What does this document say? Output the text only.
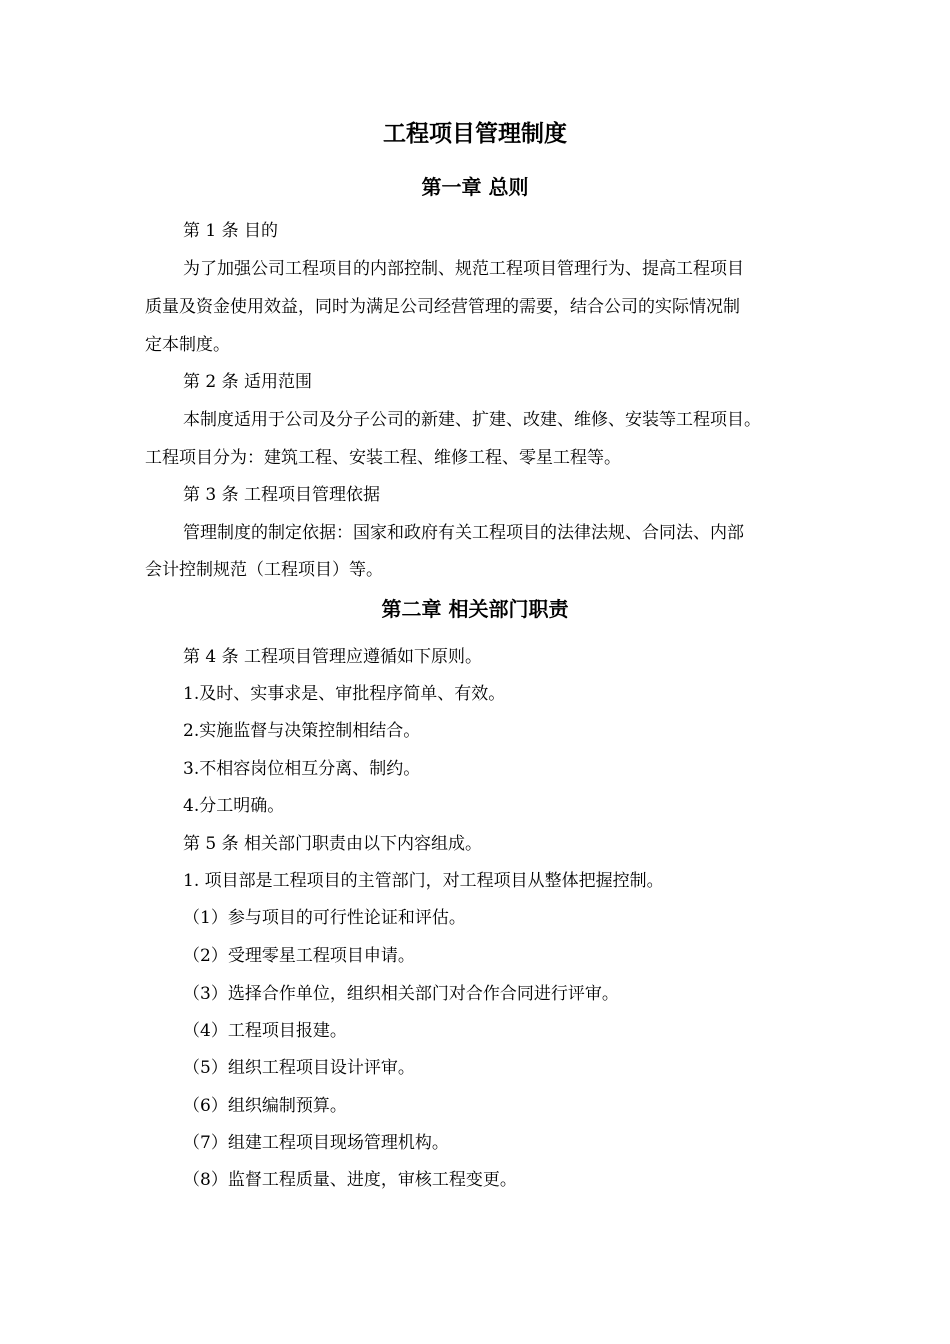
工程项目管理制度
第一章 总则

第 1 条 目的

为了加强公司工程项目的内部控制、规范工程项目管理行为、提高工程项目

质量及资金使用效益，同时为满足公司经营管理的需要，结合公司的实际情况制

定本制度。

第 2 条 适用范围

本制度适用于公司及分子公司的新建、扩建、改建、维修、安装等工程项目。

工程项目分为：建筑工程、安装工程、维修工程、零星工程等。

第 3 条 工程项目管理依据

管理制度的制定依据：国家和政府有关工程项目的法律法规、合同法、内部

会计控制规范（工程项目）等。

第二章 相关部门职责

第 4 条 工程项目管理应遵循如下原则。

1.及时、实事求是、审批程序简单、有效。

2.实施监督与决策控制相结合。

3.不相容岗位相互分离、制约。

4.分工明确。

第 5 条 相关部门职责由以下内容组成。

1. 项目部是工程项目的主管部门，对工程项目从整体把握控制。

（1）参与项目的可行性论证和评估。

（2）受理零星工程项目申请。

（3）选择合作单位，组织相关部门对合作合同进行评审。

（4）工程项目报建。

（5）组织工程项目设计评审。

（6）组织编制预算。

（7）组建工程项目现场管理机构。

（8）监督工程质量、进度，审核工程变更。
